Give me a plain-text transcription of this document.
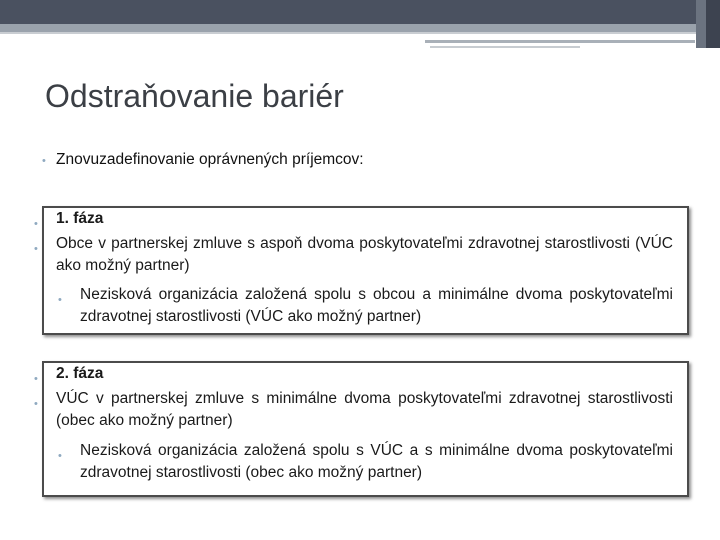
Odstraňovanie bariér
• Znovuzadefinovanie oprávnených príjemcov:
• 1. fáza
• Obce v partnerskej zmluve s aspoň dvoma poskytovateľmi zdravotnej starostlivosti (VÚC ako možný partner)
• Nezisková organizácia založená spolu s obcou a minimálne dvoma poskytovateľmi zdravotnej starostlivosti (VÚC ako možný partner)
• 2. fáza
• VÚC v partnerskej zmluve s minimálne dvoma poskytovateľmi zdravotnej starostlivosti (obec ako možný partner)
• Nezisková organizácia založená spolu s VÚC a s minimálne dvoma poskytovateľmi zdravotnej starostlivosti (obec ako možný partner)
